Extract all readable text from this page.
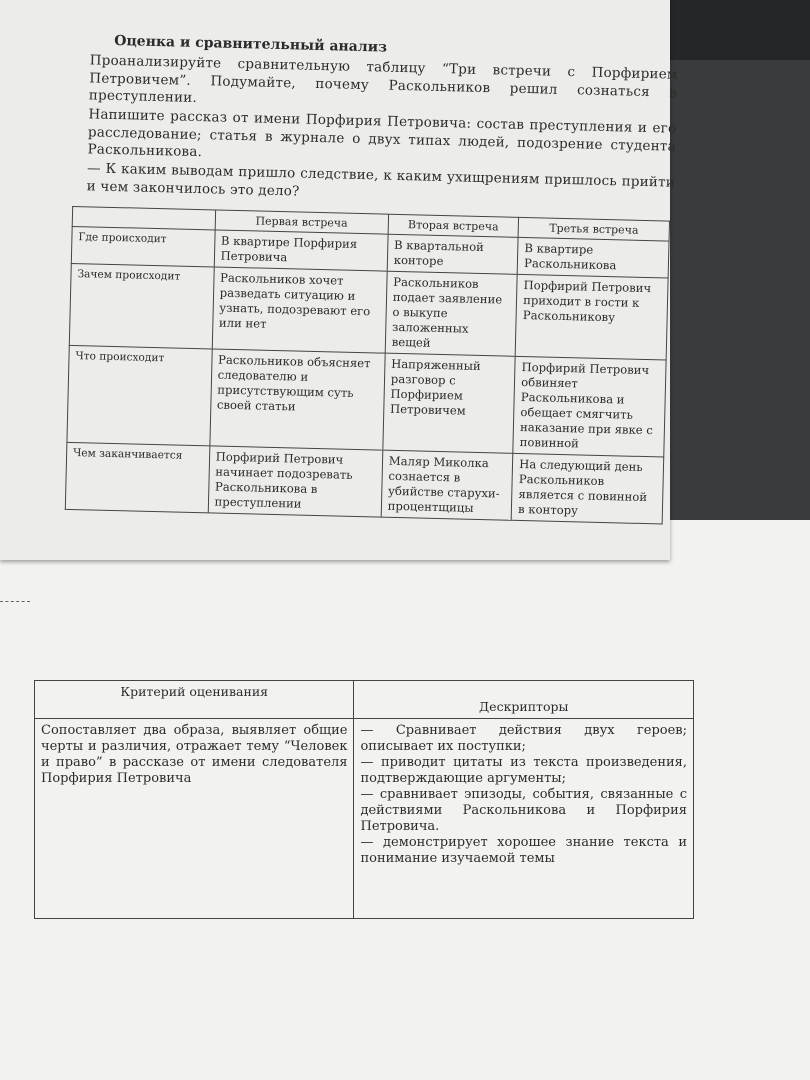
Оценка и сравнительный анализ
Проанализируйте сравнительную таблицу “Три встречи с Порфирием Петровичем”. Подумайте, почему Раскольников решил сознаться в преступлении.
Напишите рассказ от имени Порфирия Петровича: состав преступления и его расследование; статья в журнале о двух типах людей, подозрение студента Раскольникова.
— К каким выводам пришло следствие, к каким ухищрениям пришлось прийти и чем закончилось это дело?
	Первая встреча	Вторая встреча	Третья встреча
Где происходит	В квартире Порфирия Петровича	В квартальной конторе	В квартире Раскольникова
Зачем происходит	Раскольников хочет разведать ситуацию и узнать, подозревают его или нет	Раскольников подает заявление о выкупе заложенных вещей	Порфирий Петрович приходит в гости к Раскольникову
Что происходит	Раскольников объясняет следователю и присутствующим суть своей статьи	Напряженный разговор с Порфирием Петровичем	Порфирий Петрович обвиняет Раскольникова и обещает смягчить наказание при явке с повинной
Чем заканчивается	Порфирий Петрович начинает подозревать Раскольникова в преступлении	Маляр Миколка сознается в убийстве старухи-процентщицы	На следующий день Раскольников является с повинной в контору
Критерий оценивания	Дескрипторы
Сопоставляет два образа, выявляет общие черты и различия, отражает тему “Человек и право” в рассказе от имени следователя Порфирия Петровича	— Сравнивает действия двух героев; описывает их поступки;
— приводит цитаты из текста произведения, подтверждающие аргументы;
— сравнивает эпизоды, события, связанные с действиями Раскольникова и Порфирия Петровича.
— демонстрирует хорошее знание текста и понимание изучаемой темы
